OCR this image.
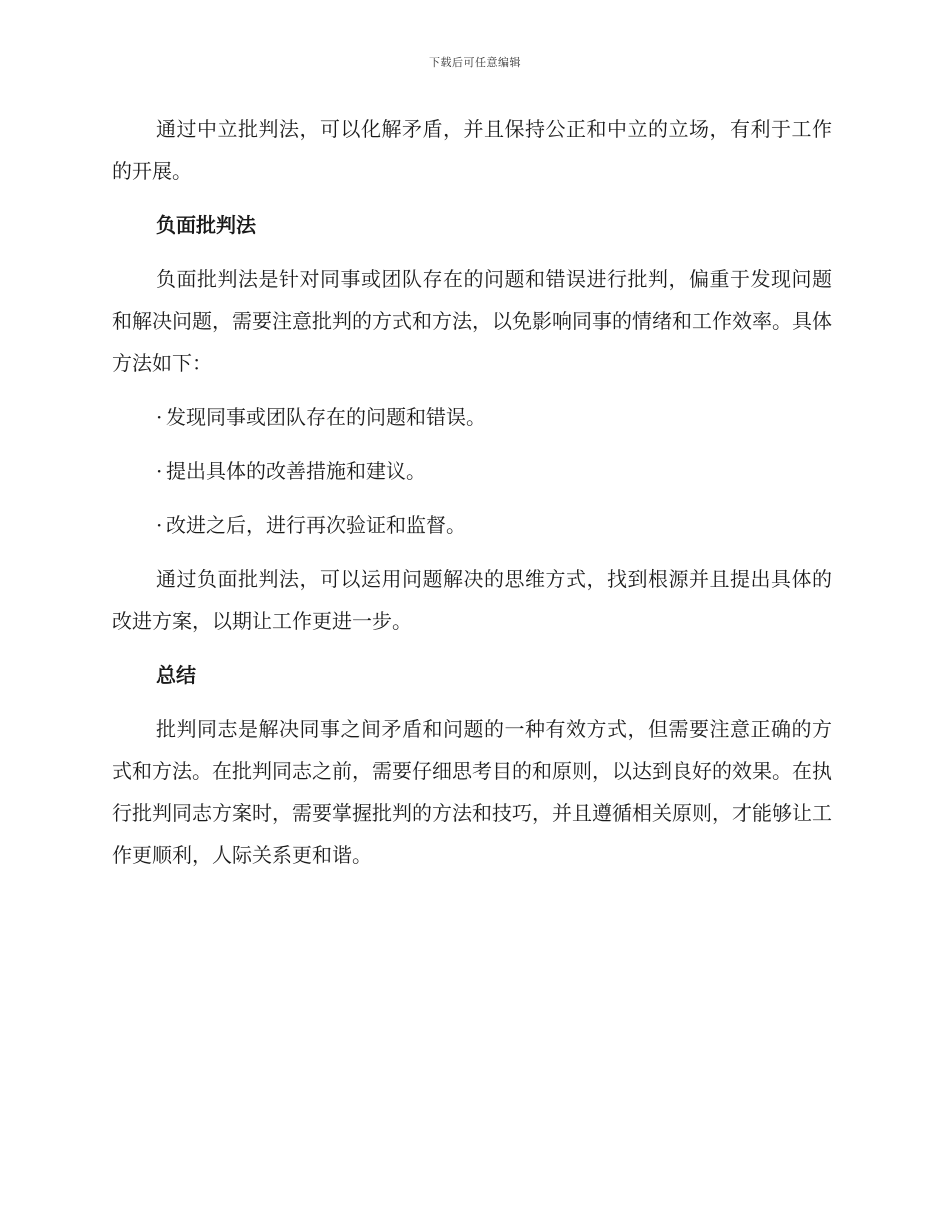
下载后可任意编辑

通过中立批判法，可以化解矛盾，并且保持公正和中立的立场，有利于工作的开展。

负面批判法

负面批判法是针对同事或团队存在的问题和错误进行批判，偏重于发现问题和解决问题，需要注意批判的方式和方法，以免影响同事的情绪和工作效率。具体方法如下：

· 发现同事或团队存在的问题和错误。
· 提出具体的改善措施和建议。
· 改进之后，进行再次验证和监督。

通过负面批判法，可以运用问题解决的思维方式，找到根源并且提出具体的改进方案，以期让工作更进一步。

总结

批判同志是解决同事之间矛盾和问题的一种有效方式，但需要注意正确的方式和方法。在批判同志之前，需要仔细思考目的和原则，以达到良好的效果。在执行批判同志方案时，需要掌握批判的方法和技巧，并且遵循相关原则，才能够让工作更顺利，人际关系更和谐。
